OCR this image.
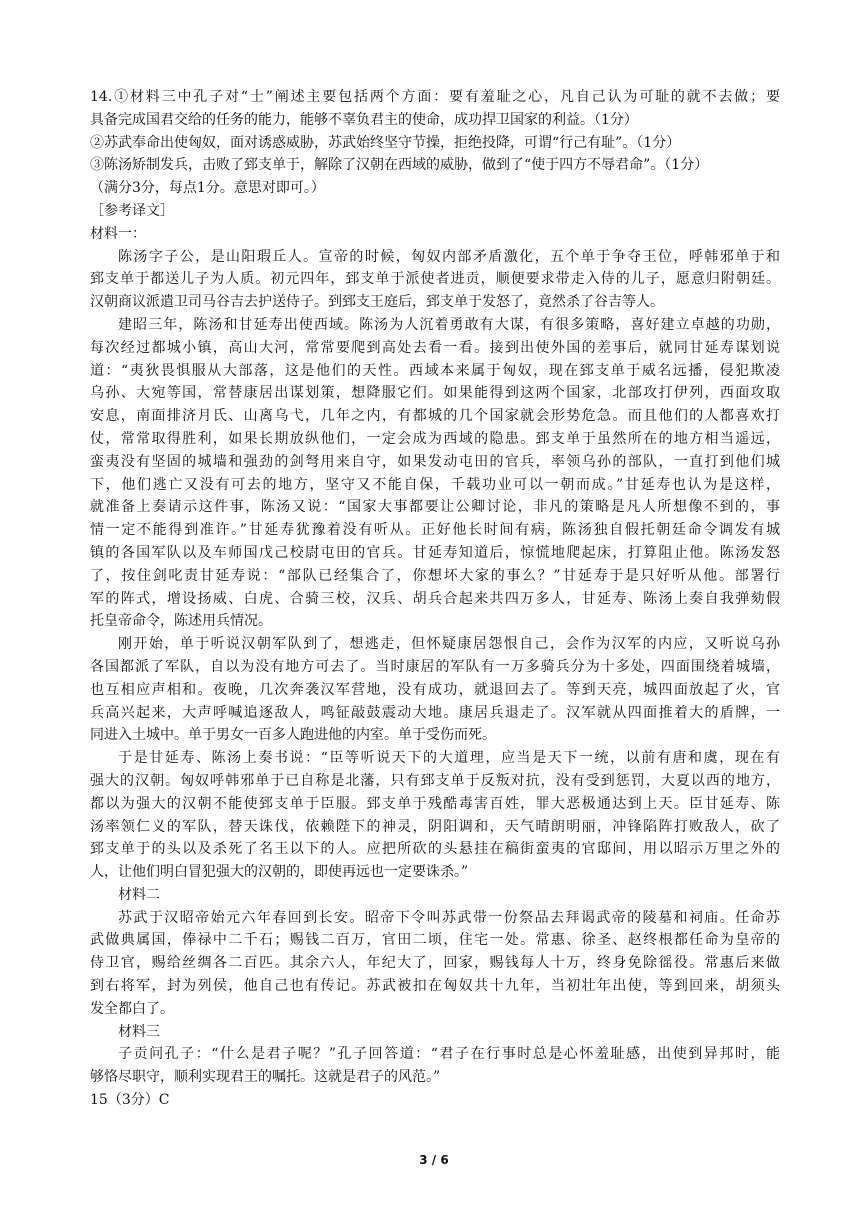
14.①材料三中孔子对“士”阐述主要包括两个方面：要有羞耻之心，凡自己认为可耻的就不去做；要

具备完成国君交给的任务的能力，能够不辜负君主的使命，成功捍卫国家的利益。（1分）

②苏武奉命出使匈奴，面对诱惑威胁，苏武始终坚守节操，拒绝投降，可谓“行己有耻”。（1分）

③陈汤矫制发兵，击败了郅支单于，解除了汉朝在西域的威胁，做到了“使于四方不辱君命”。（1分）

（满分3分，每点1分。意思对即可。）

［参考译文］

材料一：

陈汤字子公，是山阳瑕丘人。宣帝的时候，匈奴内部矛盾激化，五个单于争夺王位，呼韩邪单于和

郅支单于都送儿子为人质。初元四年，郅支单于派使者进贡，顺便要求带走入侍的儿子，愿意归附朝廷。

汉朝商议派遣卫司马谷吉去护送侍子。到郅支王庭后，郅支单于发怒了，竟然杀了谷吉等人。

建昭三年，陈汤和甘延寿出使西域。陈汤为人沉着勇敢有大谋，有很多策略，喜好建立卓越的功勋，

每次经过都城小镇，高山大河，常常要爬到高处去看一看。接到出使外国的差事后，就同甘延寿谋划说

道：“夷狄畏惧服从大部落，这是他们的天性。西域本来属于匈奴，现在郅支单于威名远播，侵犯欺凌

乌孙、大宛等国，常替康居出谋划策，想降服它们。如果能得到这两个国家，北部攻打伊列，西面攻取

安息，南面排济月氏、山离乌弋，几年之内，有都城的几个国家就会形势危急。而且他们的人都喜欢打

仗，常常取得胜利，如果长期放纵他们，一定会成为西域的隐患。郅支单于虽然所在的地方相当遥远，

蛮夷没有坚固的城墙和强劲的剑弩用来自守，如果发动屯田的官兵，率领乌孙的部队，一直打到他们城

下，他们逃亡又没有可去的地方，坚守又不能自保，千载功业可以一朝而成。”甘延寿也认为是这样，

就准备上奏请示这件事，陈汤又说：“国家大事都要让公卿讨论，非凡的策略是凡人所想像不到的，事

情一定不能得到准许。”甘延寿犹豫着没有听从。正好他长时间有病，陈汤独自假托朝廷命令调发有城

镇的各国军队以及车师国戊己校尉屯田的官兵。甘延寿知道后，惊慌地爬起床，打算阻止他。陈汤发怒

了，按住剑叱责甘延寿说：“部队已经集合了，你想坏大家的事么？”甘延寿于是只好听从他。部署行

军的阵式，增设扬威、白虎、合骑三校，汉兵、胡兵合起来共四万多人，甘延寿、陈汤上奏自我弹劾假

托皇帝命令，陈述用兵情况。

刚开始，单于听说汉朝军队到了，想逃走，但怀疑康居怨恨自己，会作为汉军的内应，又听说乌孙

各国都派了军队，自以为没有地方可去了。当时康居的军队有一万多骑兵分为十多处，四面围绕着城墙，

也互相应声相和。夜晚，几次奔袭汉军营地，没有成功，就退回去了。等到天亮，城四面放起了火，官

兵高兴起来，大声呼喊追逐敌人，鸣钲敲鼓震动大地。康居兵退走了。汉军就从四面推着大的盾牌，一

同进入土城中。单于男女一百多人跑进他的内室。单于受伤而死。

于是甘延寿、陈汤上奏书说：“臣等听说天下的大道理，应当是天下一统，以前有唐和虞，现在有

强大的汉朝。匈奴呼韩邪单于已自称是北藩，只有郅支单于反叛对抗，没有受到惩罚，大夏以西的地方，

都以为强大的汉朝不能使郅支单于臣服。郅支单于残酷毒害百姓，罪大恶极通达到上天。臣甘延寿、陈

汤率领仁义的军队，替天诛伐，依赖陛下的神灵，阴阳调和，天气晴朗明丽，冲锋陷阵打败敌人，砍了

郅支单于的头以及杀死了名王以下的人。应把所砍的头悬挂在稿街蛮夷的官邸间，用以昭示万里之外的

人，让他们明白冒犯强大的汉朝的，即使再远也一定要诛杀。”

材料二

苏武于汉昭帝始元六年春回到长安。昭帝下令叫苏武带一份祭品去拜谒武帝的陵墓和祠庙。任命苏

武做典属国，俸禄中二千石；赐钱二百万，官田二顷，住宅一处。常惠、徐圣、赵终根都任命为皇帝的

侍卫官，赐给丝绸各二百匹。其余六人，年纪大了，回家，赐钱每人十万，终身免除徭役。常惠后来做

到右将军，封为列侯，他自己也有传记。苏武被扣在匈奴共十九年，当初壮年出使，等到回来，胡须头

发全都白了。

材料三

子贡问孔子：“什么是君子呢？”孔子回答道：“君子在行事时总是心怀羞耻感，出使到异邦时，能

够恪尽职守，顺利实现君王的嘱托。这就是君子的风范。”

15（3分）C

3 / 6
